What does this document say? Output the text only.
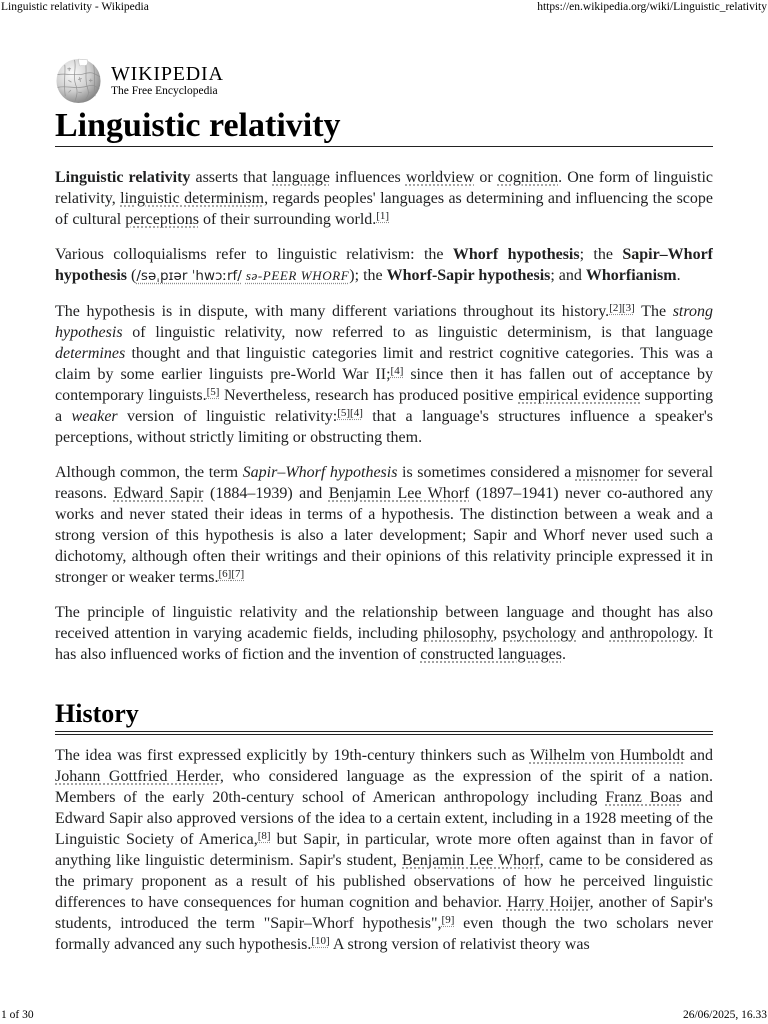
Linguistic relativity - Wikipedia	https://en.wikipedia.org/wiki/Linguistic_relativity
WIKIPEDIA
The Free Encyclopedia
Linguistic relativity

Linguistic relativity asserts that language influences worldview or cognition. One form of linguistic relativity, linguistic determinism, regards peoples' languages as determining and influencing the scope of cultural perceptions of their surrounding world.[1]

Various colloquialisms refer to linguistic relativism: the Whorf hypothesis; the Sapir–Whorf hypothesis (/səˌpɪər ˈhwɔːrf/ sə-PEER WHORF); the Whorf-Sapir hypothesis; and Whorfianism.

The hypothesis is in dispute, with many different variations throughout its history.[2][3] The strong hypothesis of linguistic relativity, now referred to as linguistic determinism, is that language determines thought and that linguistic categories limit and restrict cognitive categories. This was a claim by some earlier linguists pre-World War II;[4] since then it has fallen out of acceptance by contemporary linguists.[5] Nevertheless, research has produced positive empirical evidence supporting a weaker version of linguistic relativity:[5][4] that a language's structures influence a speaker's perceptions, without strictly limiting or obstructing them.

Although common, the term Sapir–Whorf hypothesis is sometimes considered a misnomer for several reasons. Edward Sapir (1884–1939) and Benjamin Lee Whorf (1897–1941) never co-authored any works and never stated their ideas in terms of a hypothesis. The distinction between a weak and a strong version of this hypothesis is also a later development; Sapir and Whorf never used such a dichotomy, although often their writings and their opinions of this relativity principle expressed it in stronger or weaker terms.[6][7]

The principle of linguistic relativity and the relationship between language and thought has also received attention in varying academic fields, including philosophy, psychology and anthropology. It has also influenced works of fiction and the invention of constructed languages.

History

The idea was first expressed explicitly by 19th-century thinkers such as Wilhelm von Humboldt and Johann Gottfried Herder, who considered language as the expression of the spirit of a nation. Members of the early 20th-century school of American anthropology including Franz Boas and Edward Sapir also approved versions of the idea to a certain extent, including in a 1928 meeting of the Linguistic Society of America,[8] but Sapir, in particular, wrote more often against than in favor of anything like linguistic determinism. Sapir's student, Benjamin Lee Whorf, came to be considered as the primary proponent as a result of his published observations of how he perceived linguistic differences to have consequences for human cognition and behavior. Harry Hoijer, another of Sapir's students, introduced the term "Sapir–Whorf hypothesis",[9] even though the two scholars never formally advanced any such hypothesis.[10] A strong version of relativist theory was

1 of 30	26/06/2025, 16.33
